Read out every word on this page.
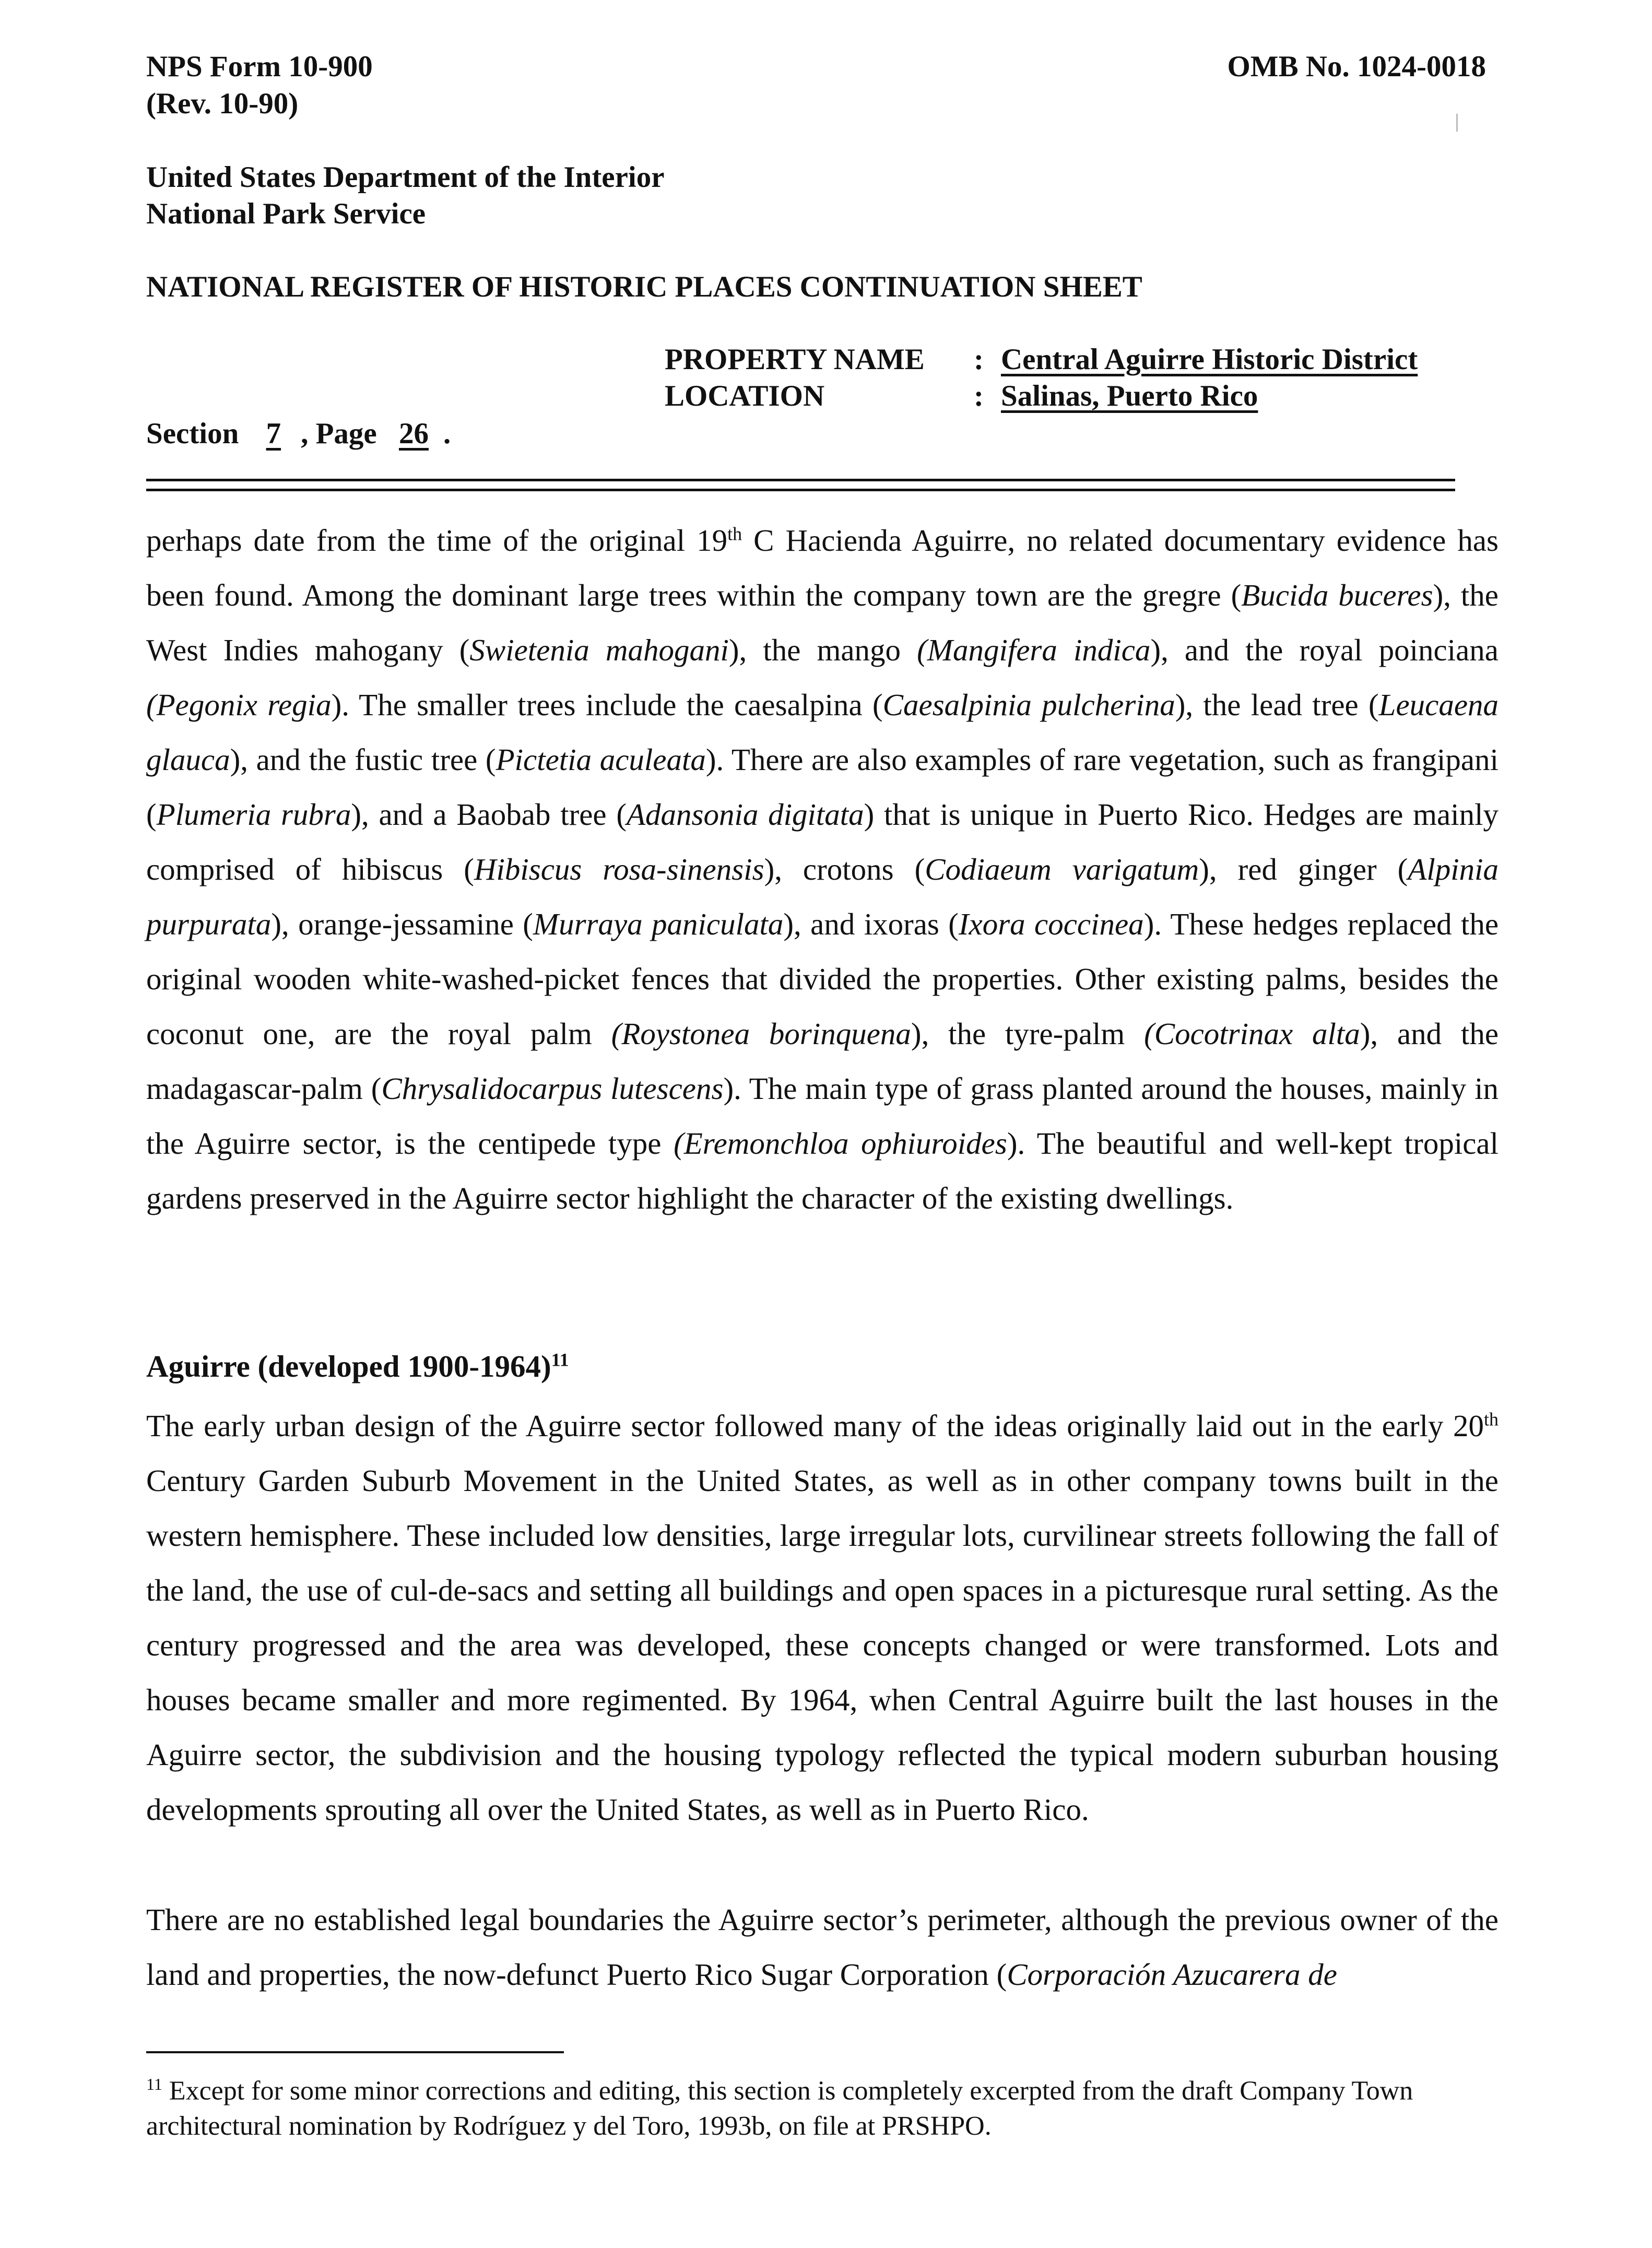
NPS Form 10-900
(Rev. 10-90)
OMB No. 1024-0018
United States Department of the Interior
National Park Service
NATIONAL REGISTER OF HISTORIC PLACES CONTINUATION SHEET
PROPERTY NAME : Central Aguirre Historic District
LOCATION	: Salinas, Puerto Rico
Section 7 , Page 26 .

perhaps date from the time of the original 19th C Hacienda Aguirre, no related documentary evidence has been found. Among the dominant large trees within the company town are the gregre (Bucida buceres), the West Indies mahogany (Swietenia mahogani), the mango (Mangifera indica), and the royal poinciana (Pegonix regia). The smaller trees include the caesalpina (Caesalpinia pulcherina), the lead tree (Leucaena glauca), and the fustic tree (Pictetia aculeata). There are also examples of rare vegetation, such as frangipani (Plumeria rubra), and a Baobab tree (Adansonia digitata) that is unique in Puerto Rico. Hedges are mainly comprised of hibiscus (Hibiscus rosa-sinensis), crotons (Codiaeum varigatum), red ginger (Alpinia purpurata), orange-jessamine (Murraya paniculata), and ixoras (Ixora coccinea). These hedges replaced the original wooden white-washed-picket fences that divided the properties. Other existing palms, besides the coconut one, are the royal palm (Roystonea borinquena), the tyre-palm (Cocotrinax alta), and the madagascar-palm (Chrysalidocarpus lutescens). The main type of grass planted around the houses, mainly in the Aguirre sector, is the centipede type (Eremonchloa ophiuroides). The beautiful and well-kept tropical gardens preserved in the Aguirre sector highlight the character of the existing dwellings.

Aguirre (developed 1900-1964)$^{11}$

The early urban design of the Aguirre sector followed many of the ideas originally laid out in the early 20th Century Garden Suburb Movement in the United States, as well as in other company towns built in the western hemisphere. These included low densities, large irregular lots, curvilinear streets following the fall of the land, the use of cul-de-sacs and setting all buildings and open spaces in a picturesque rural setting. As the century progressed and the area was developed, these concepts changed or were transformed. Lots and houses became smaller and more regimented. By 1964, when Central Aguirre built the last houses in the Aguirre sector, the subdivision and the housing typology reflected the typical modern suburban housing developments sprouting all over the United States, as well as in Puerto Rico.

There are no established legal boundaries the Aguirre sector’s perimeter, although the previous owner of the land and properties, the now-defunct Puerto Rico Sugar Corporation (Corporación Azucarera de

$^{11}$ Except for some minor corrections and editing, this section is completely excerpted from the draft Company Town architectural nomination by Rodríguez y del Toro, 1993b, on file at PRSHPO.
